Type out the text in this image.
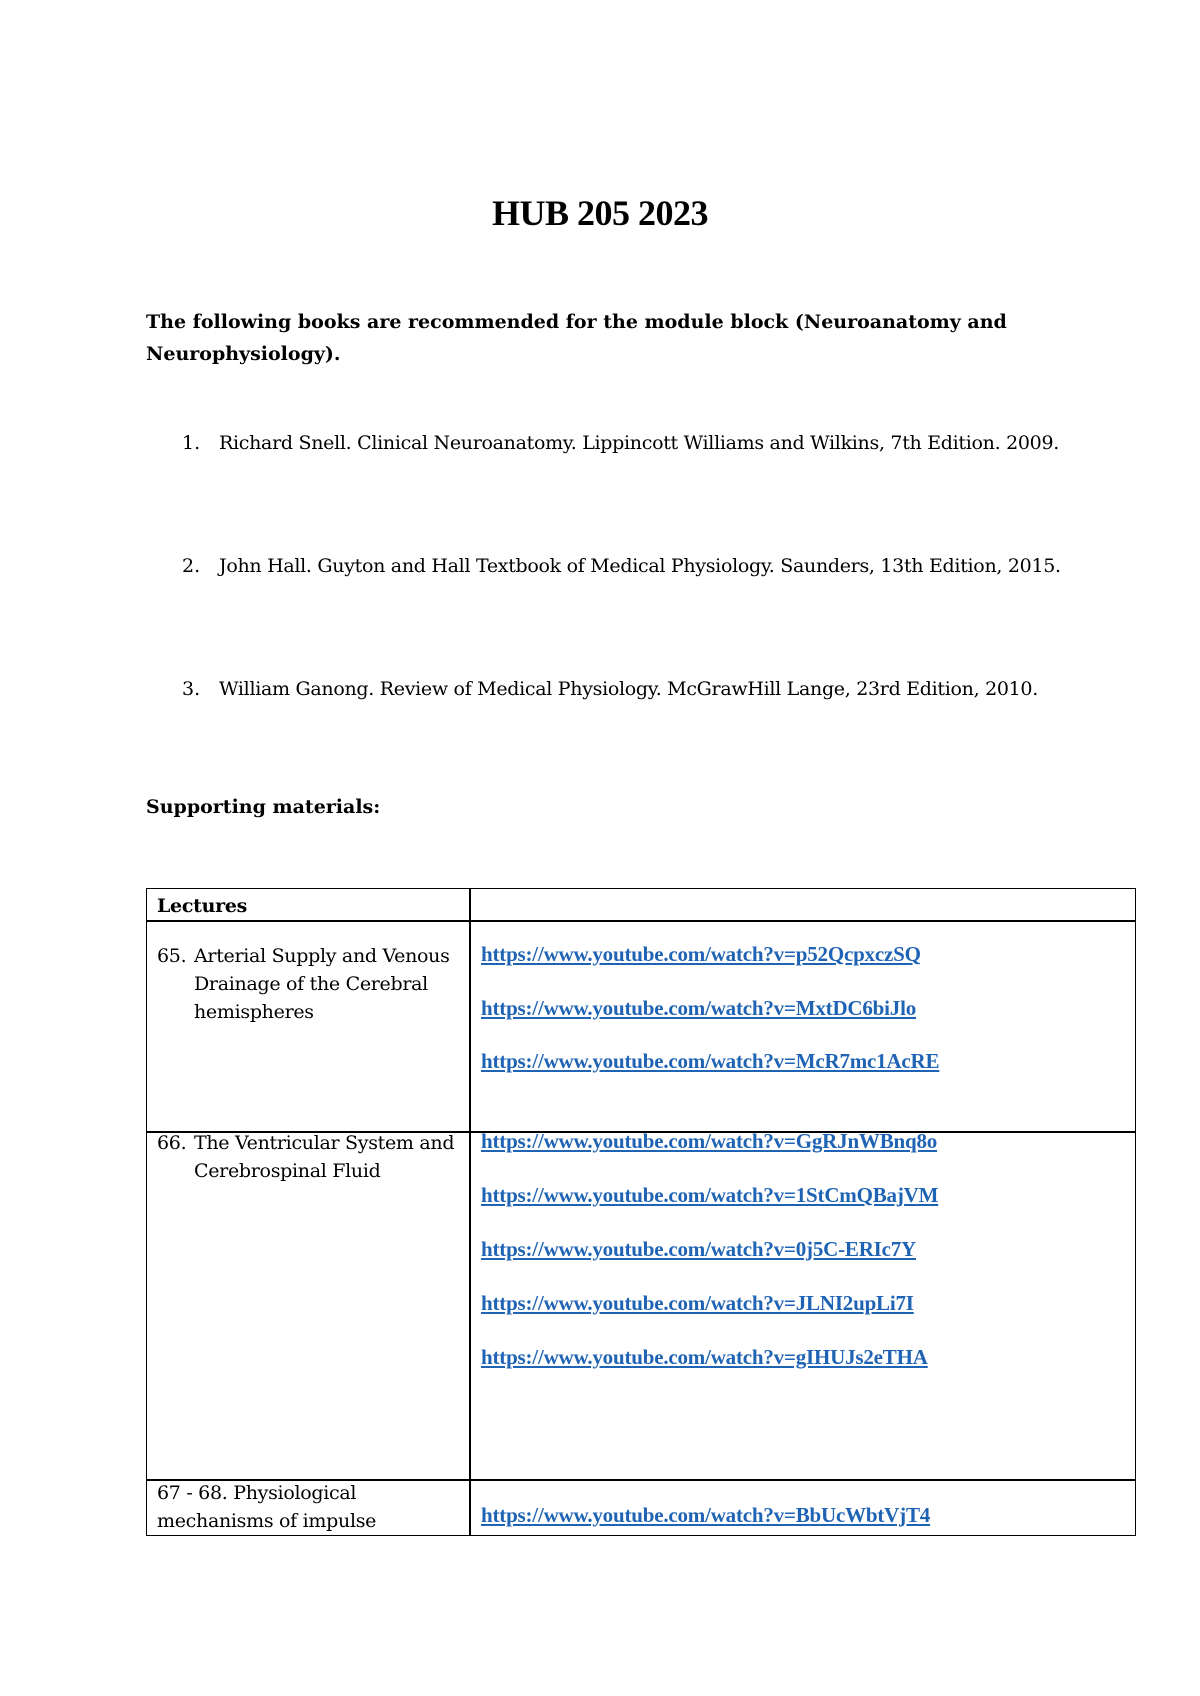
HUB 205 2023
The following books are recommended for the module block (Neuroanatomy and Neurophysiology).
1. Richard Snell. Clinical Neuroanatomy. Lippincott Williams and Wilkins, 7th Edition. 2009.
2. John Hall. Guyton and Hall Textbook of Medical Physiology. Saunders, 13th Edition, 2015.
3. William Ganong. Review of Medical Physiology. McGrawHill Lange, 23rd Edition, 2010.
Supporting materials:
Lectures
65. Arterial Supply and Venous Drainage of the Cerebral hemispheres
https://www.youtube.com/watch?v=p52QcpxczSQ
https://www.youtube.com/watch?v=MxtDC6biJlo
https://www.youtube.com/watch?v=McR7mc1AcRE
66. The Ventricular System and Cerebrospinal Fluid
https://www.youtube.com/watch?v=GgRJnWBnq8o
https://www.youtube.com/watch?v=1StCmQBajVM
https://www.youtube.com/watch?v=0j5C-ERIc7Y
https://www.youtube.com/watch?v=JLNI2upLi7I
https://www.youtube.com/watch?v=gIHUJs2eTHA
67 - 68. Physiological mechanisms of impulse	https://www.youtube.com/watch?v=BbUcWbtVjT4
